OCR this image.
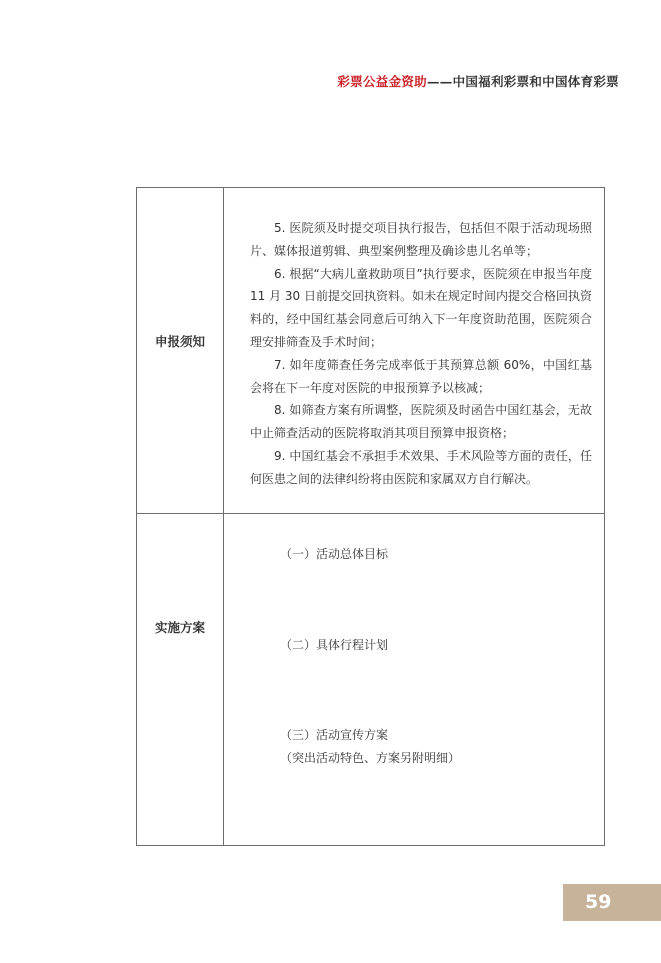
彩票公益金资助——中国福利彩票和中国体育彩票
申报须知

5. 医院须及时提交项目执行报告，包括但不限于活动现场照片、媒体报道剪辑、典型案例整理及确诊患儿名单等；

6. 根据“大病儿童救助项目”执行要求，医院须在申报当年度 11 月 30 日前提交回执资料。如未在规定时间内提交合格回执资料的，经中国红基会同意后可纳入下一年度资助范围，医院须合理安排筛查及手术时间；

7. 如年度筛查任务完成率低于其预算总额 60%，中国红基会将在下一年度对医院的申报预算予以核减；

8. 如筛查方案有所调整，医院须及时函告中国红基会，无故中止筛查活动的医院将取消其项目预算申报资格；

9. 中国红基会不承担手术效果、手术风险等方面的责任，任何医患之间的法律纠纷将由医院和家属双方自行解决。

实施方案
（一）活动总体目标
（二）具体行程计划
（三）活动宣传方案
（突出活动特色、方案另附明细）
59
